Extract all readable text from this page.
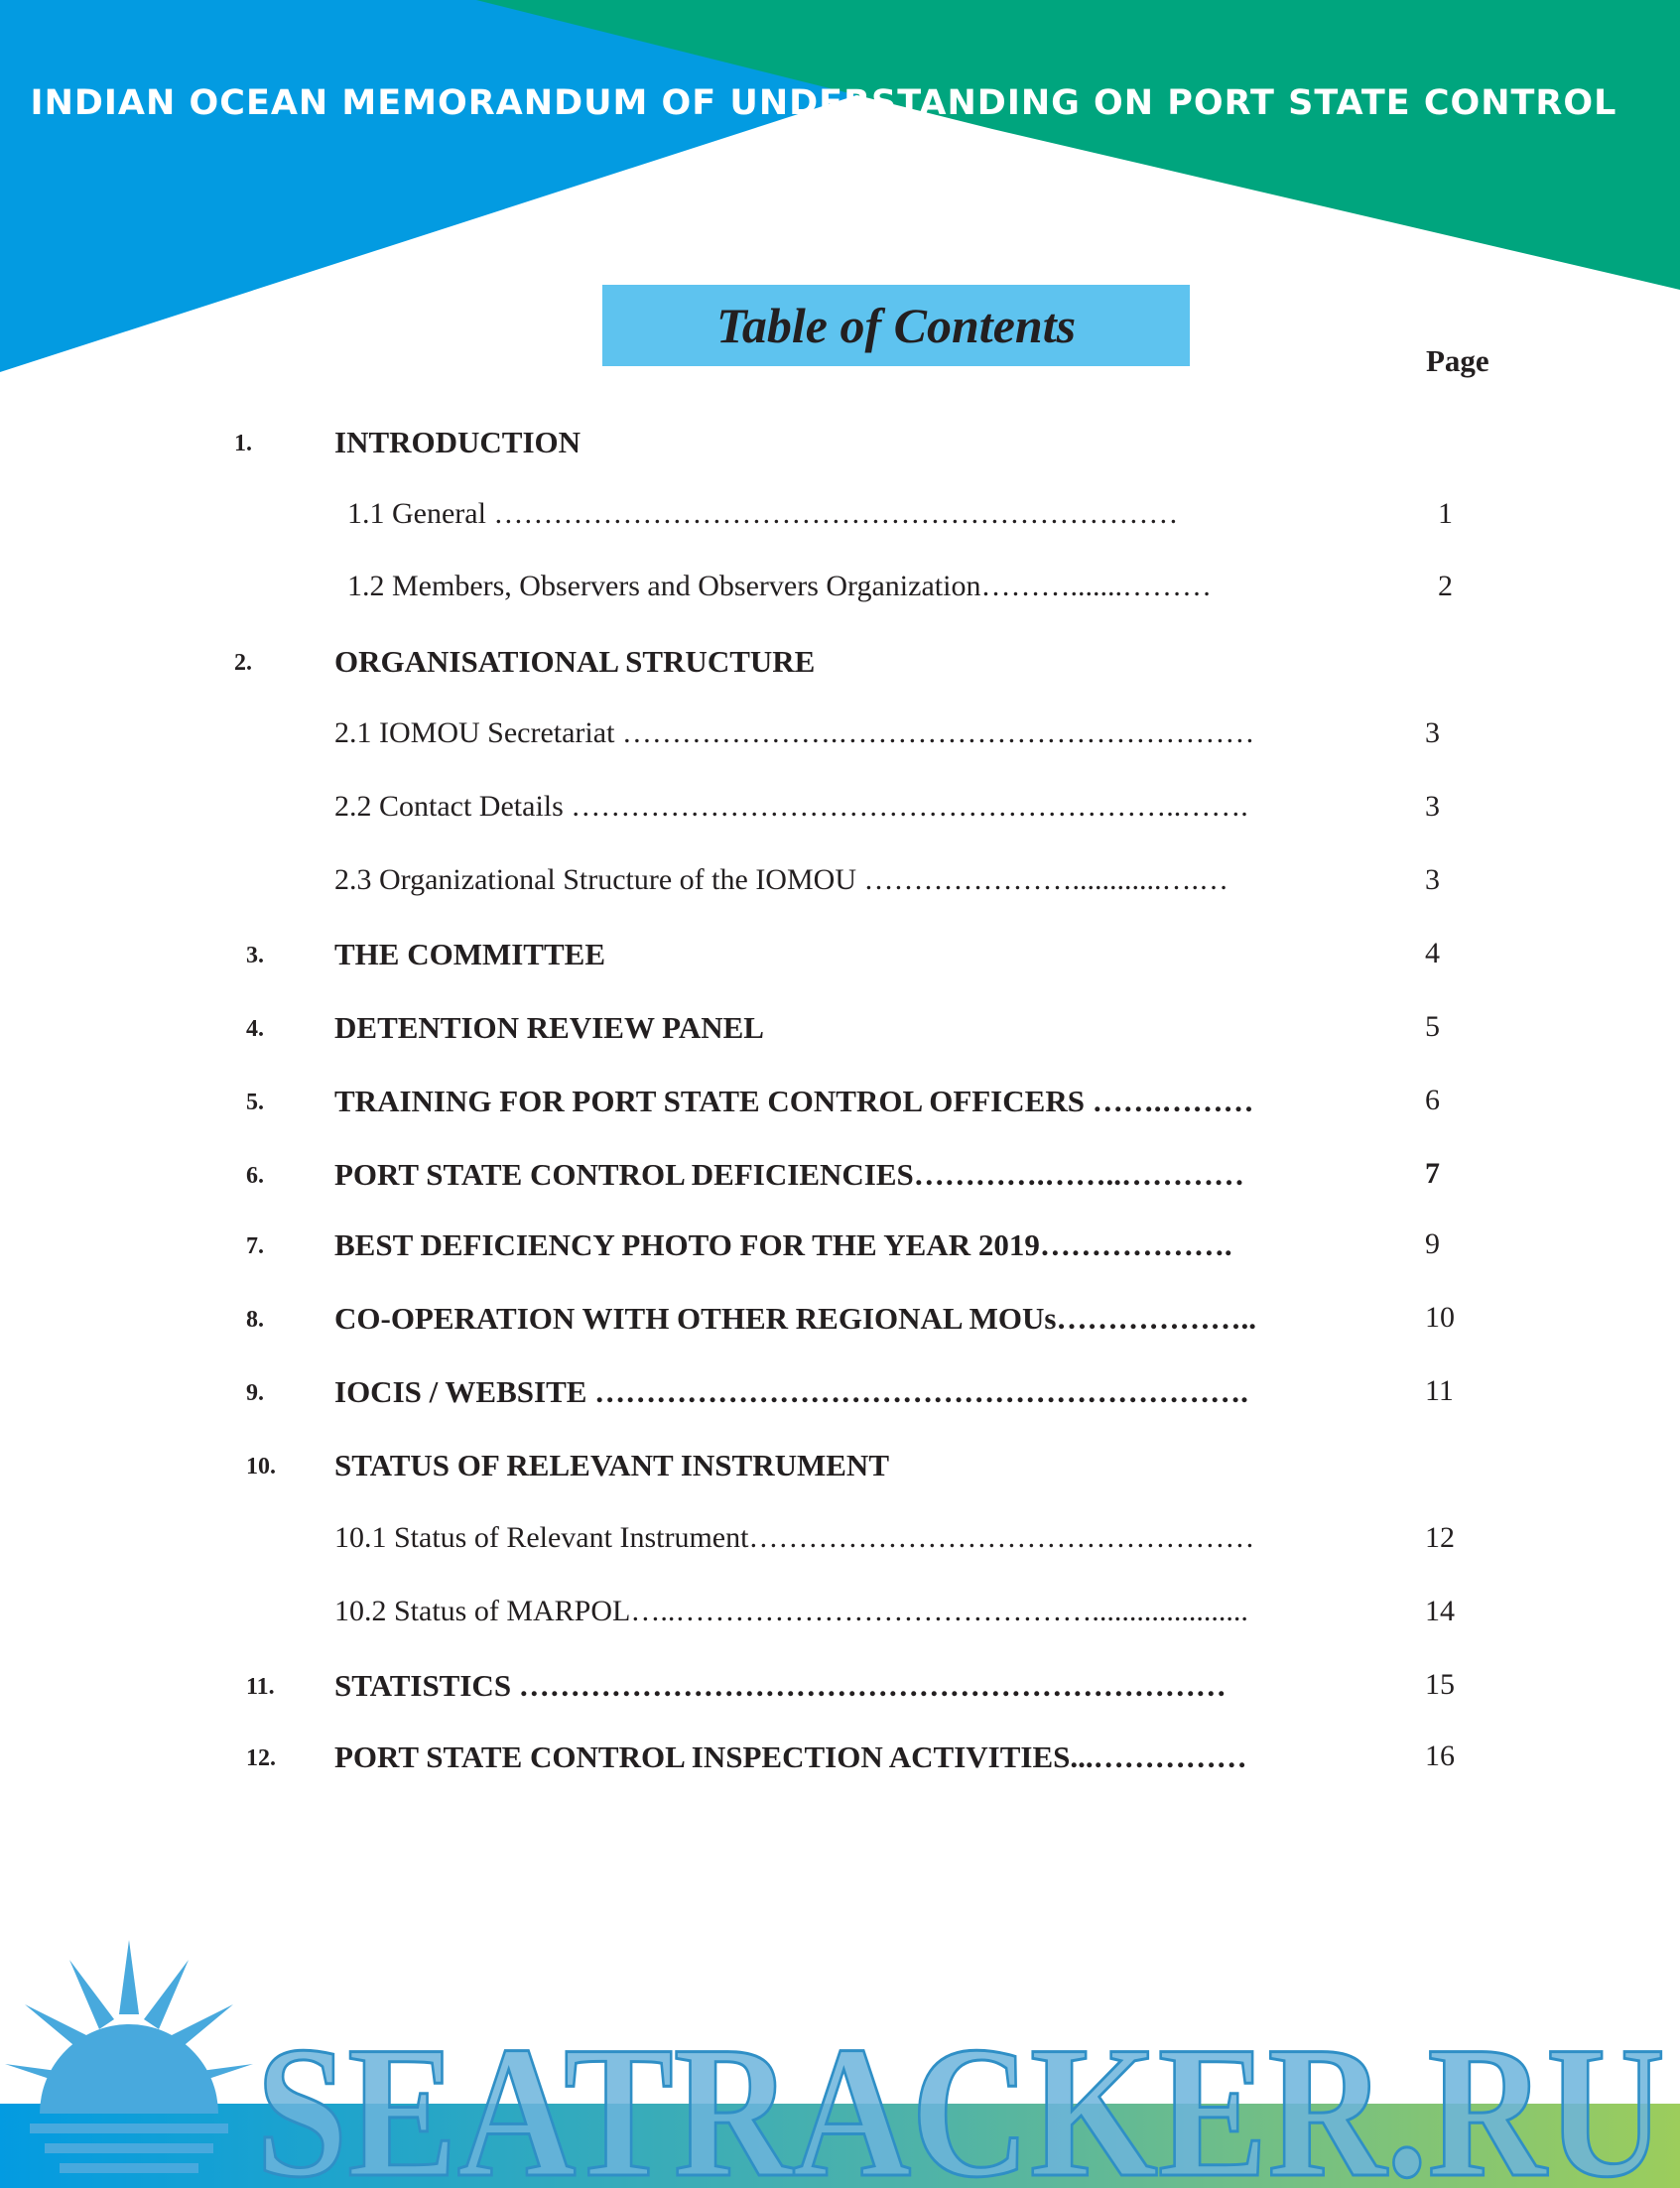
INDIAN OCEAN MEMORANDUM OF UNDERSTANDING ON PORT STATE CONTROL
Table of Contents
Page
1.	INTRODUCTION
1.1 General ……………………………………………………………	1
1.2 Members, Observers and Observers Organization……….......………	2
2.	ORGANISATIONAL STRUCTURE
2.1 IOMOU Secretariat ………………….……………………………………	3
2.2 Contact Details ……………………………………………………..…….	3
2.3 Organizational Structure of the IOMOU …………………............….…	3
3. THE COMMITTEE	4
4. DETENTION REVIEW PANEL	5
5. TRAINING FOR PORT STATE CONTROL OFFICERS …….………	6
6. PORT STATE CONTROL DEFICIENCIES………….……..…………	7
7. BEST DEFICIENCY PHOTO FOR THE YEAR 2019……………….	9
8. CO-OPERATION WITH OTHER REGIONAL MOUs………………..	10
9. IOCIS / WEBSITE ……………………………………………………….	11
10. STATUS OF RELEVANT INSTRUMENT
10.1 Status of Relevant Instrument……………………………………………	12
10.2 Status of MARPOL…..…………………………………….....................	14
11. STATISTICS ……………………………………………………………	15
12. PORT STATE CONTROL INSPECTION ACTIVITIES...……………	16
SEATRACKER.RU
